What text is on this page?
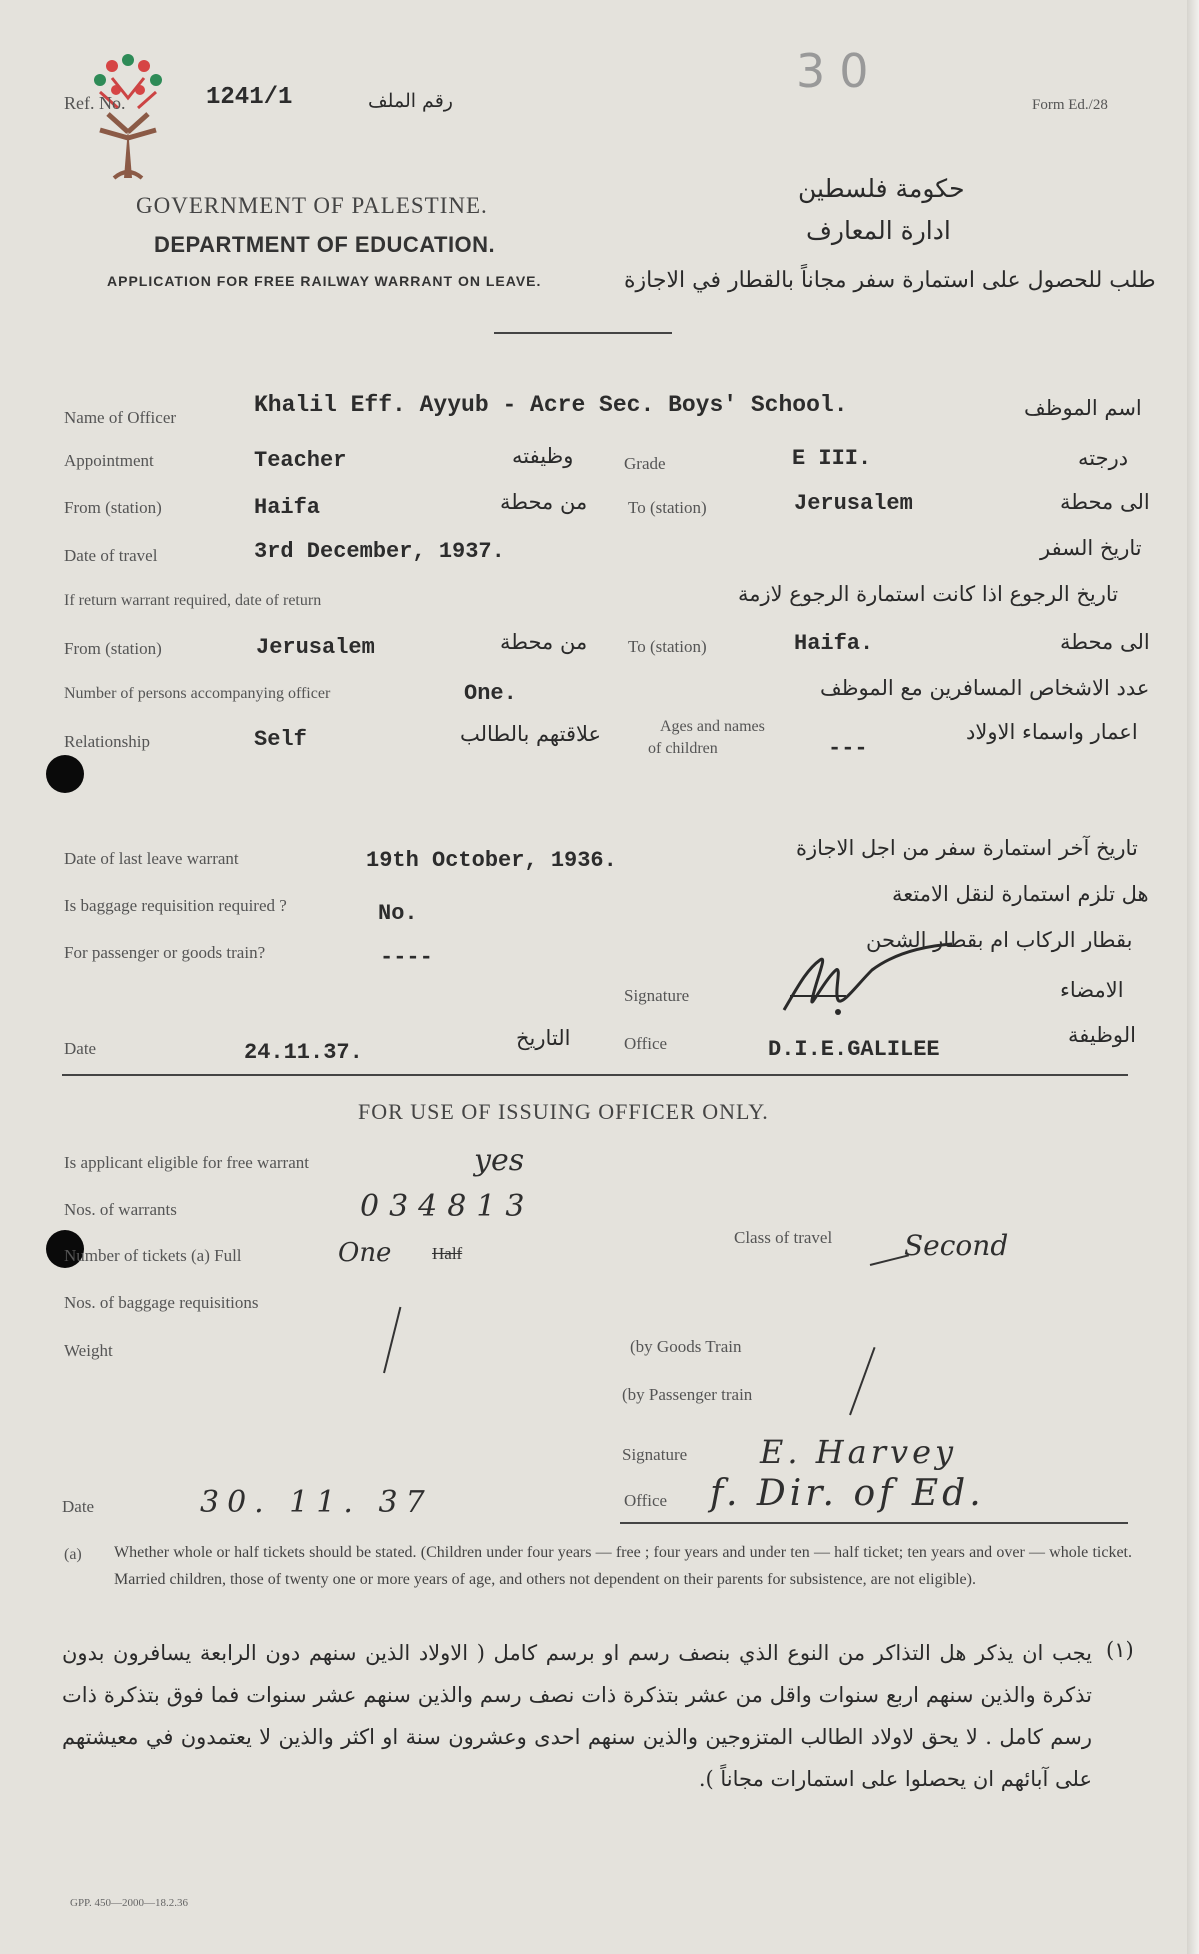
Ref. No.	1241/1	رقم الملف
30
Form Ed./28
GOVERNMENT OF PALESTINE.
DEPARTMENT OF EDUCATION.
APPLICATION FOR FREE RAILWAY WARRANT ON LEAVE.
حكومة فلسطين
ادارة المعارف
طلب للحصول على استمارة سفر مجاناً بالقطار في الاجازة
Name of Officer	Khalil Eff. Ayyub - Acre Sec. Boys' School.	اسم الموظف
Appointment	Teacher	وظيفته	Grade	E III.	درجته
From (station)	Haifa	من محطة To (station)	Jerusalem	الى محطة
Date of travel	3rd December, 1937.	تاريخ السفر
If return warrant required, date of return	تاريخ الرجوع اذا كانت استمارة الرجوع لازمة
From (station)	Jerusalem	من محطة To (station)	Haifa.	الى محطة
Number of persons accompanying officer	One.	عدد الاشخاص المسافرين مع الموظف
Relationship	Self	علاقتهم بالطالب	Ages and names
of children	---
اعمار واسماء الاولاد
Date of last leave warrant	19th October, 1936.	تاريخ آخر استمارة سفر من اجل الاجازة
Is baggage requisition required ?	No.
هل تلزم استمارة لنقل الامتعة
For passenger or goods train?	----
بقطار الركاب ام بقطار الشحن
Signature	الامضاء
Date	24.11.37.
التاريخ	Office	D.I.E.GALILEE
الوظيفة
FOR USE OF ISSUING OFFICER ONLY.
Is applicant eligible for free warrant	yes
Nos. of warrants	034813
Number of tickets (a) Full	One Half
Class of travel	Second
Nos. of baggage requisitions
Weight	(by Goods Train
(by Passenger train
Signature E. Harvey
Date	30. 11. 37	Office f. Dir. of Ed.
(a) Whether whole or half tickets should be stated. (Children under four years — free ; four years and under ten — half ticket; ten years and over — whole ticket. Married children, those of twenty one or more years of age, and others not dependent on their parents for subsistence, are not eligible).
(١)
يجب ان يذكر هل التذاكر من النوع الذي بنصف رسم او برسم كامل ( الاولاد الذين سنهم دون الرابعة يسافرون بدون تذكرة والذين سنهم اربع سنوات واقل من عشر بتذكرة ذات نصف رسم والذين سنهم عشر سنوات فما فوق بتذكرة ذات رسم كامل . لا يحق لاولاد الطالب المتزوجين والذين سنهم احدى وعشرون سنة او اكثر والذين لا يعتمدون في معيشتهم على آبائهم ان يحصلوا على استمارات مجاناً ).
GPP. 450—2000—18.2.36
